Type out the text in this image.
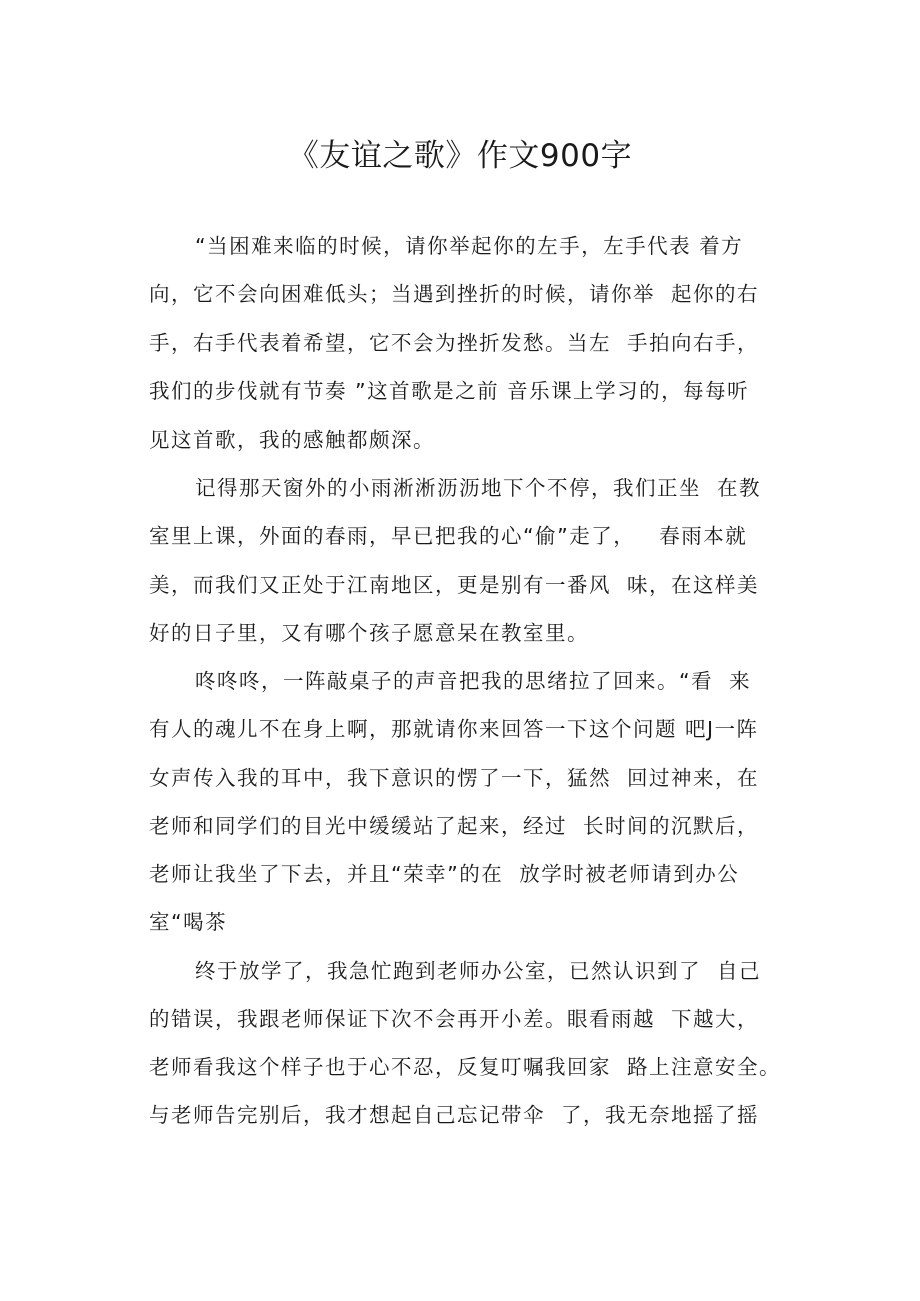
《友谊之歌》作文900字
“当困难来临的时候，请你举起你的左手，左手代表 着方
向，它不会向困难低头；当遇到挫折的时候，请你举  起你的右
手，右手代表着希望，它不会为挫折发愁。当左  手拍向右手，
我们的步伐就有节奏 ”这首歌是之前 音乐课上学习的，每每听
见这首歌，我的感触都颇深。
记得那天窗外的小雨淅淅沥沥地下个不停，我们正坐  在教
室里上课，外面的春雨，早已把我的心“偷”走了，   春雨本就
美，而我们又正处于江南地区，更是别有一番风  味，在这样美
好的日子里，又有哪个孩子愿意呆在教室里。
咚咚咚，一阵敲桌子的声音把我的思绪拉了回来。“看  来
有人的魂儿不在身上啊，那就请你来回答一下这个问题 吧J一阵
女声传入我的耳中，我下意识的愣了一下，猛然  回过神来，在
老师和同学们的目光中缓缓站了起来，经过  长时间的沉默后，
老师让我坐了下去，并且“荣幸”的在  放学时被老师请到办公
室“喝茶
终于放学了，我急忙跑到老师办公室，已然认识到了  自己
的错误，我跟老师保证下次不会再开小差。眼看雨越  下越大，
老师看我这个样子也于心不忍，反复叮嘱我回家  路上注意安全。
与老师告完别后，我才想起自己忘记带伞  了，我无奈地摇了摇
